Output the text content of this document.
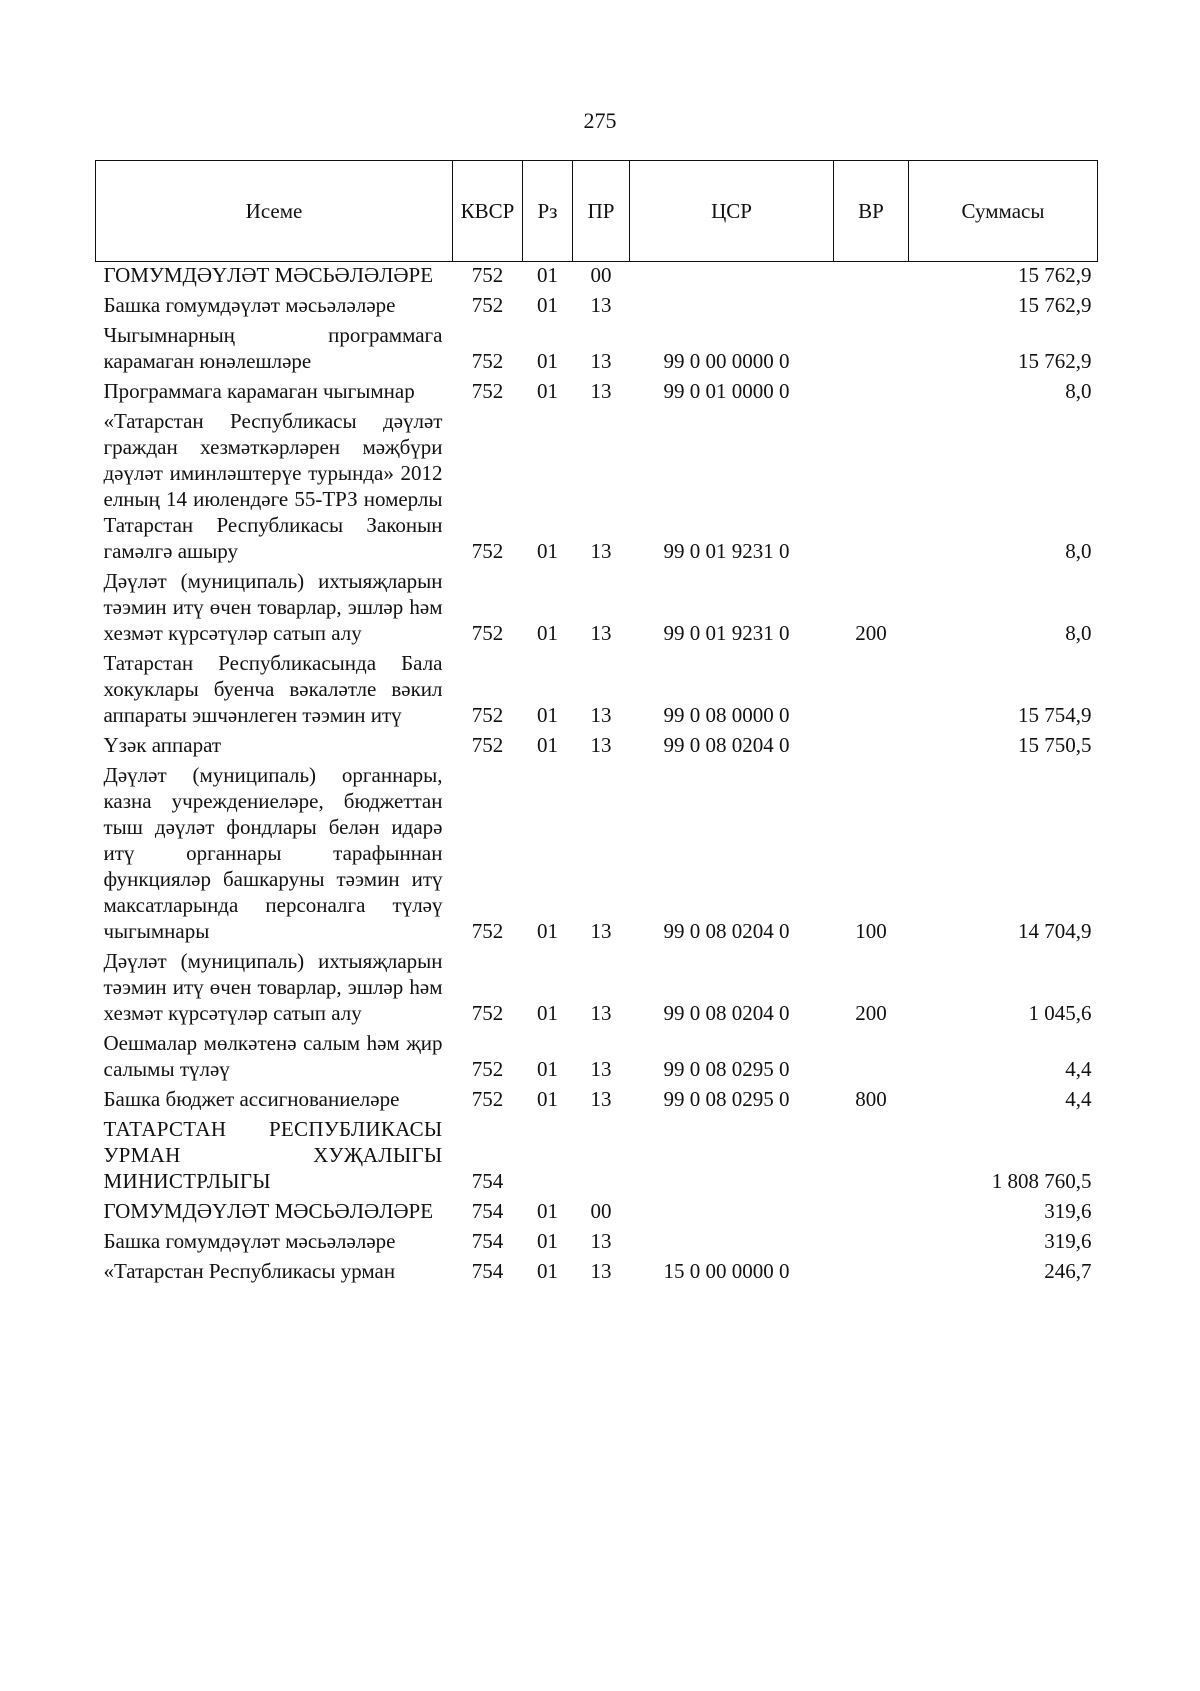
275
Исеме	КВСР	Рз	ПР	ЦСР	ВР	Суммасы
ГОМУМДӘҮЛӘТ МӘСЬӘЛӘЛӘРЕ	752	01	00			15 762,9
Башка гомумдәүләт мәсьәләләре	752	01	13			15 762,9
Чыгымнарның программага карамаган юнәлешләре	752	01	13	99 0 00 0000 0		15 762,9
Программага карамаган чыгымнар	752	01	13	99 0 01 0000 0		8,0
«Татарстан Республикасы дәүләт граждан хезмәткәрләрен мәҗбүри дәүләт иминләштерүе турында» 2012 елның 14 июлендәге 55-ТРЗ номерлы Татарстан Республикасы Законын гамәлгә ашыру	752	01	13	99 0 01 9231 0		8,0
Дәүләт (муниципаль) ихтыяҗларын тәэмин итү өчен товарлар, эшләр һәм хезмәт күрсәтүләр сатып алу	752	01	13	99 0 01 9231 0	200	8,0
Татарстан Республикасында Бала хокуклары буенча вәкаләтле вәкил аппараты эшчәнлеген тәэмин итү	752	01	13	99 0 08 0000 0		15 754,9
Үзәк аппарат	752	01	13	99 0 08 0204 0		15 750,5
Дәүләт (муниципаль) органнары, казна учреждениеләре, бюджеттан тыш дәүләт фондлары белән идарә итү органнары тарафыннан функцияләр башкаруны тәэмин итү максатларында персоналга түләү чыгымнары	752	01	13	99 0 08 0204 0	100	14 704,9
Дәүләт (муниципаль) ихтыяҗларын тәэмин итү өчен товарлар, эшләр һәм хезмәт күрсәтүләр сатып алу	752	01	13	99 0 08 0204 0	200	1 045,6
Оешмалар мөлкәтенә салым һәм җир салымы түләү	752	01	13	99 0 08 0295 0		4,4
Башка бюджет ассигнованиеләре	752	01	13	99 0 08 0295 0	800	4,4
ТАТАРСТАН РЕСПУБЛИКАСЫ УРМАН ХУҖАЛЫГЫ МИНИСТРЛЫГЫ	754					1 808 760,5
ГОМУМДӘҮЛӘТ МӘСЬӘЛӘЛӘРЕ	754	01	00			319,6
Башка гомумдәүләт мәсьәләләре	754	01	13			319,6
«Татарстан Республикасы урман	754	01	13	15 0 00 0000 0		246,7
